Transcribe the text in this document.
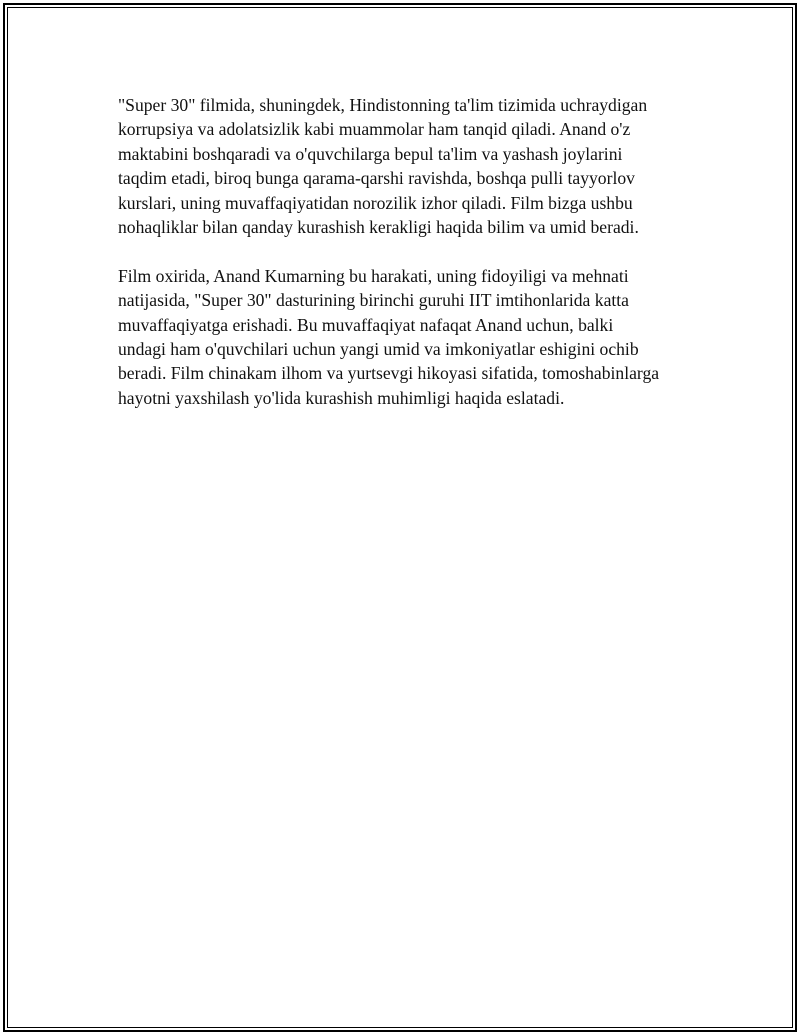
"Super 30" filmida, shuningdek, Hindistonning ta'lim tizimida uchraydigan
korrupsiya va adolatsizlik kabi muammolar ham tanqid qiladi. Anand o'z
maktabini boshqaradi va o'quvchilarga bepul ta'lim va yashash joylarini
taqdim etadi, biroq bunga qarama-qarshi ravishda, boshqa pulli tayyorlov
kurslari, uning muvaffaqiyatidan norozilik izhor qiladi. Film bizga ushbu
nohaqliklar bilan qanday kurashish kerakligi haqida bilim va umid beradi.

Film oxirida, Anand Kumarning bu harakati, uning fidoyiligi va mehnati
natijasida, "Super 30" dasturining birinchi guruhi IIT imtihonlarida katta
muvaffaqiyatga erishadi. Bu muvaffaqiyat nafaqat Anand uchun, balki
undagi ham o'quvchilari uchun yangi umid va imkoniyatlar eshigini ochib
beradi. Film chinakam ilhom va yurtsevgi hikoyasi sifatida, tomoshabinlarga
hayotni yaxshilash yo'lida kurashish muhimligi haqida eslatadi.
